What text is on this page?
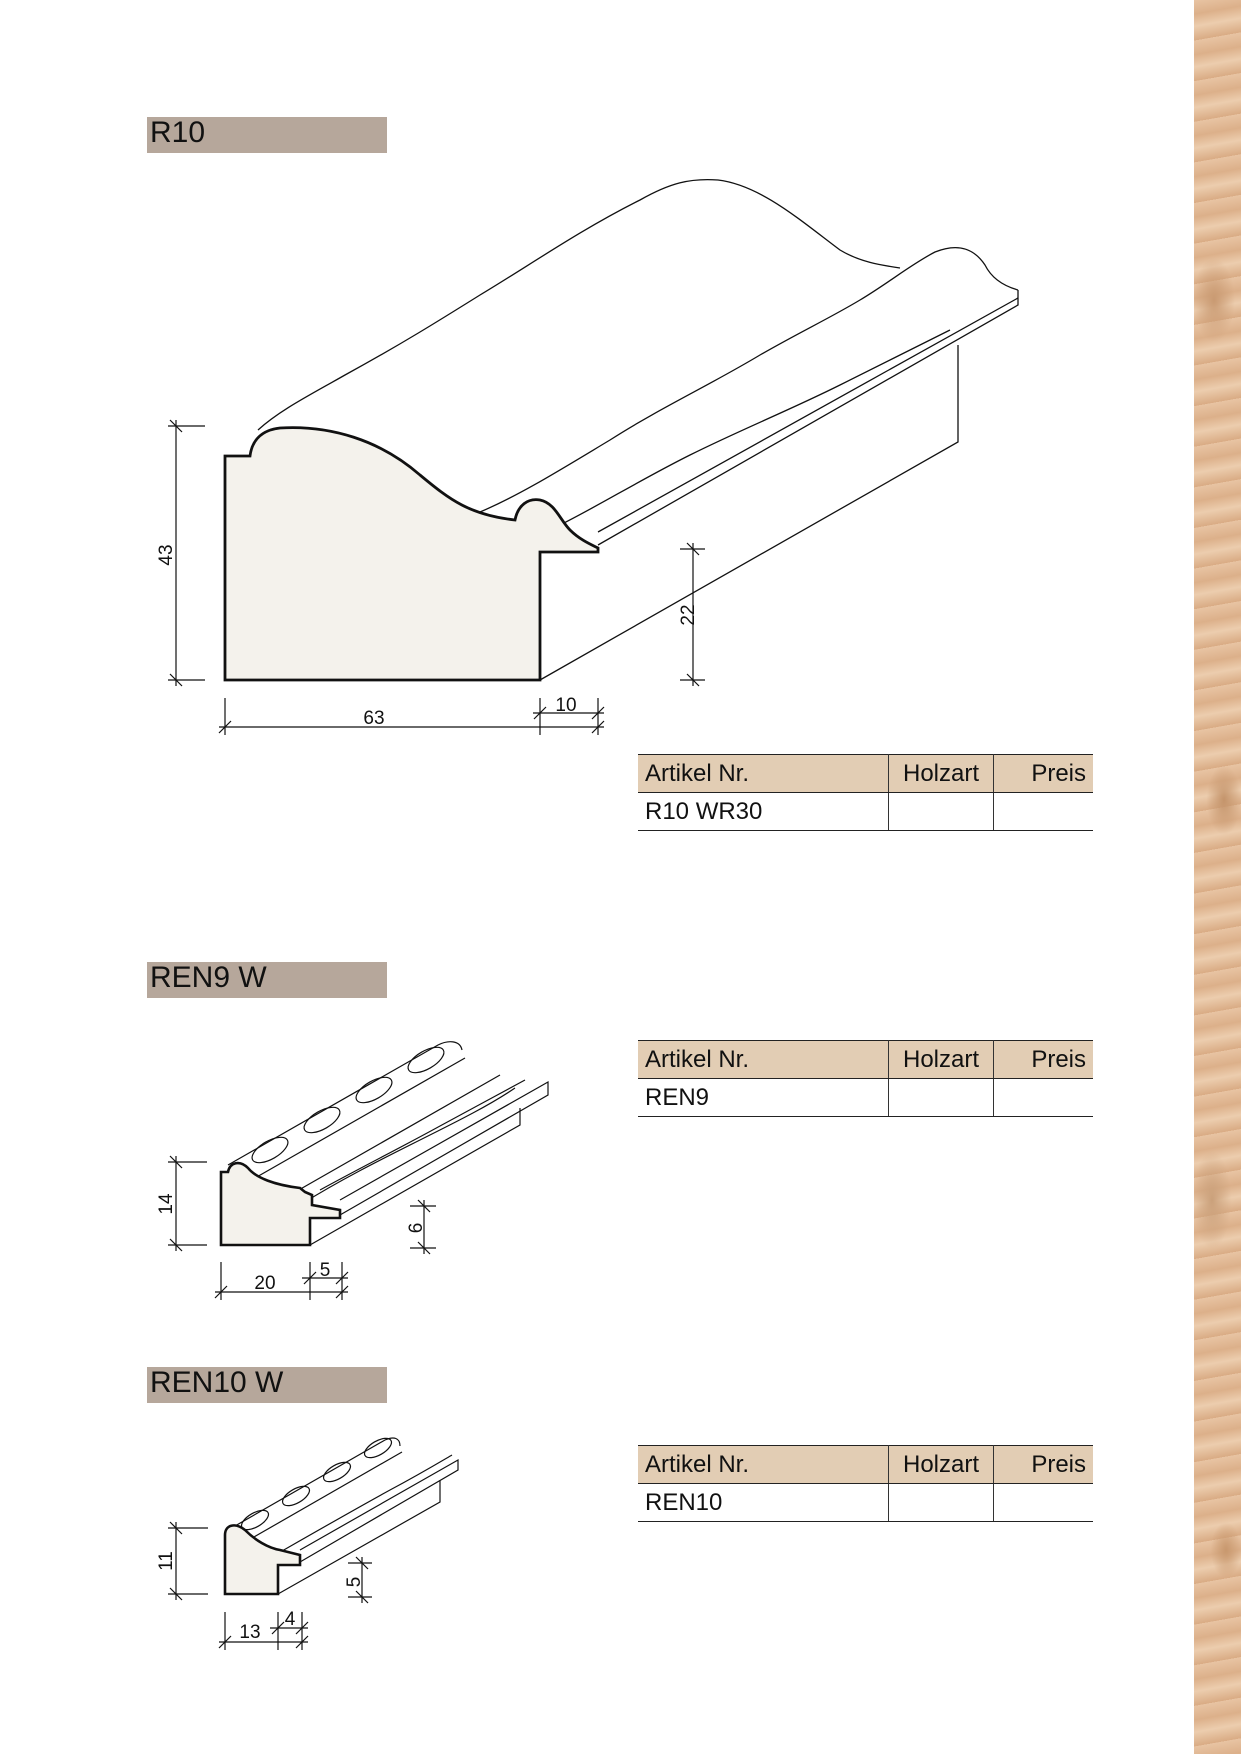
R10
43
63
10
22
Artikel Nr.	Holzart	Preis
R10 WR30		
REN9 W
14
20
5
6
Artikel Nr.	Holzart	Preis
REN9		
REN10 W
11
13
4
5
Artikel Nr.	Holzart	Preis
REN10		
